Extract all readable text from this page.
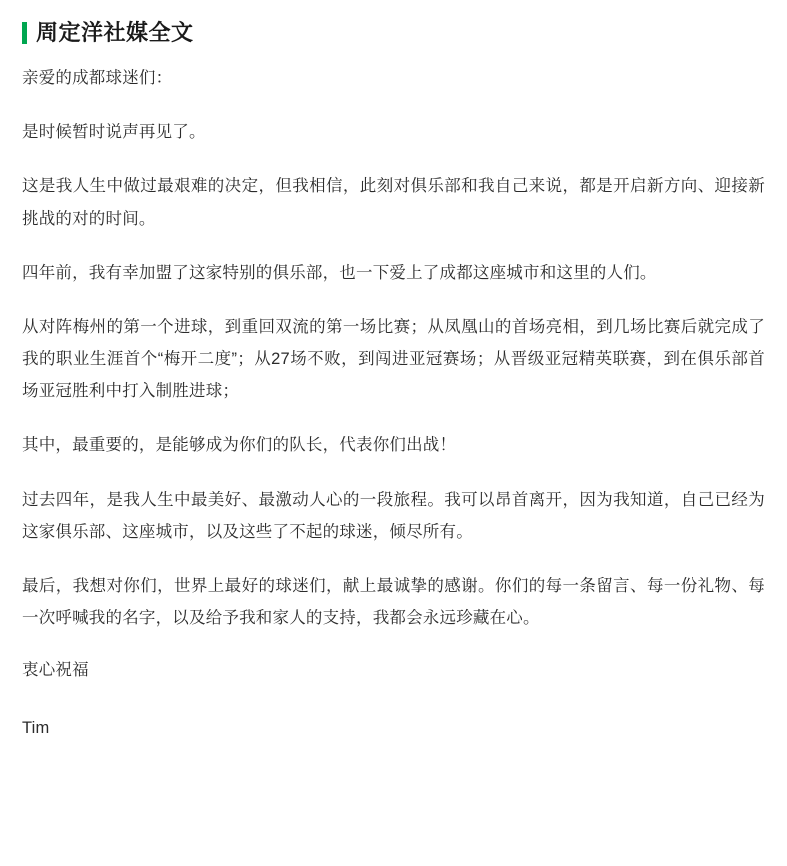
周定洋社媒全文

亲爱的成都球迷们：

是时候暂时说声再见了。

这是我人生中做过最艰难的决定，但我相信，此刻对俱乐部和我自己来说，都是开启新方向、迎接新挑战的对的时间。

四年前，我有幸加盟了这家特别的俱乐部，也一下爱上了成都这座城市和这里的人们。

从对阵梅州的第一个进球，到重回双流的第一场比赛；从凤凰山的首场亮相，到几场比赛后就完成了我的职业生涯首个“梅开二度”；从27场不败，到闯进亚冠赛场；从晋级亚冠精英联赛，到在俱乐部首场亚冠胜利中打入制胜进球；

其中，最重要的，是能够成为你们的队长，代表你们出战！

过去四年，是我人生中最美好、最激动人心的一段旅程。我可以昂首离开，因为我知道，自己已经为这家俱乐部、这座城市，以及这些了不起的球迷，倾尽所有。

最后，我想对你们，世界上最好的球迷们，献上最诚挚的感谢。你们的每一条留言、每一份礼物、每一次呼喊我的名字，以及给予我和家人的支持，我都会永远珍藏在心。

衷心祝福

Tim
